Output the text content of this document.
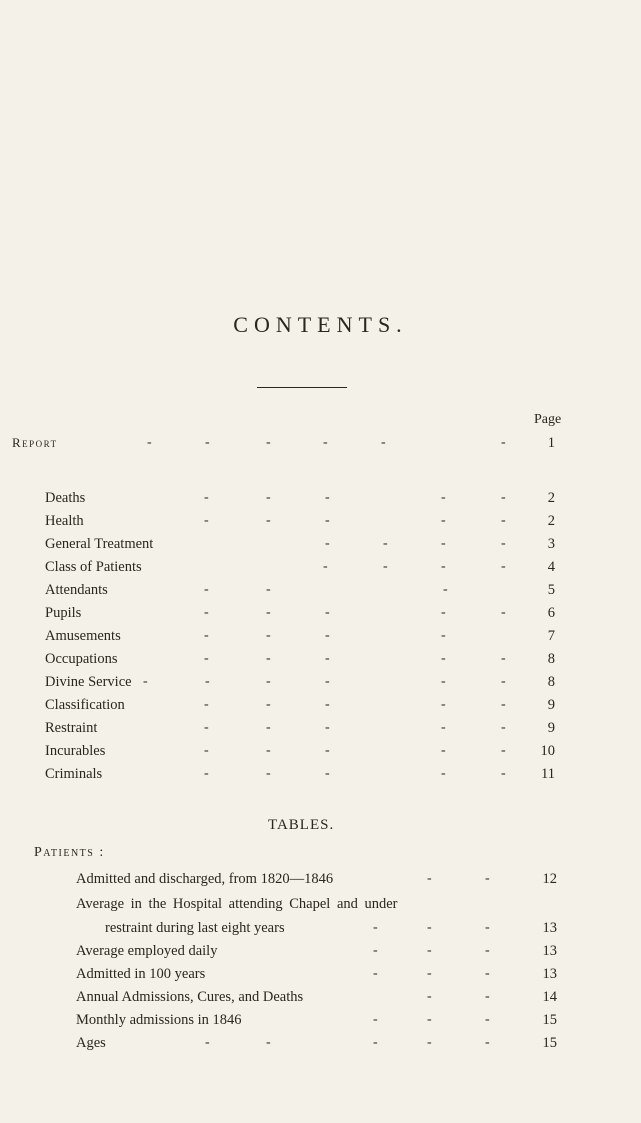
CONTENTS.
Page
Report	-	-	-	-	-	-	1
Deaths	-	-	-	-	-	2
Health	-	-	-	-	-	2
General Treatment	-	-	-	-	3
Class of Patients	-	-	-	-	4
Attendants	-	-	-	5
Pupils	-	-	-	-	-	6
Amusements	-	-	-	-	7
Occupations	-	-	-	-	-	8
Divine Service -	-	-	-	-	-	8
Classification	-	-	-	-	-	9
Restraint	-	-	-	-	-	9
Incurables	-	-	-	-	-	10
Criminals	-	-	-	-	-	11
TABLES.
Patients :
Admitted and discharged, from 1820—1846	-	-	12
Average in the Hospital attending Chapel and under
restraint during last eight years	-	-	-	13
Average employed daily	-	-	-	13
Admitted in 100 years	-	-	-	13
Annual Admissions, Cures, and Deaths	-	-	14
Monthly admissions in 1846	-	-	-	15
Ages	-	-	-	-	-	15
